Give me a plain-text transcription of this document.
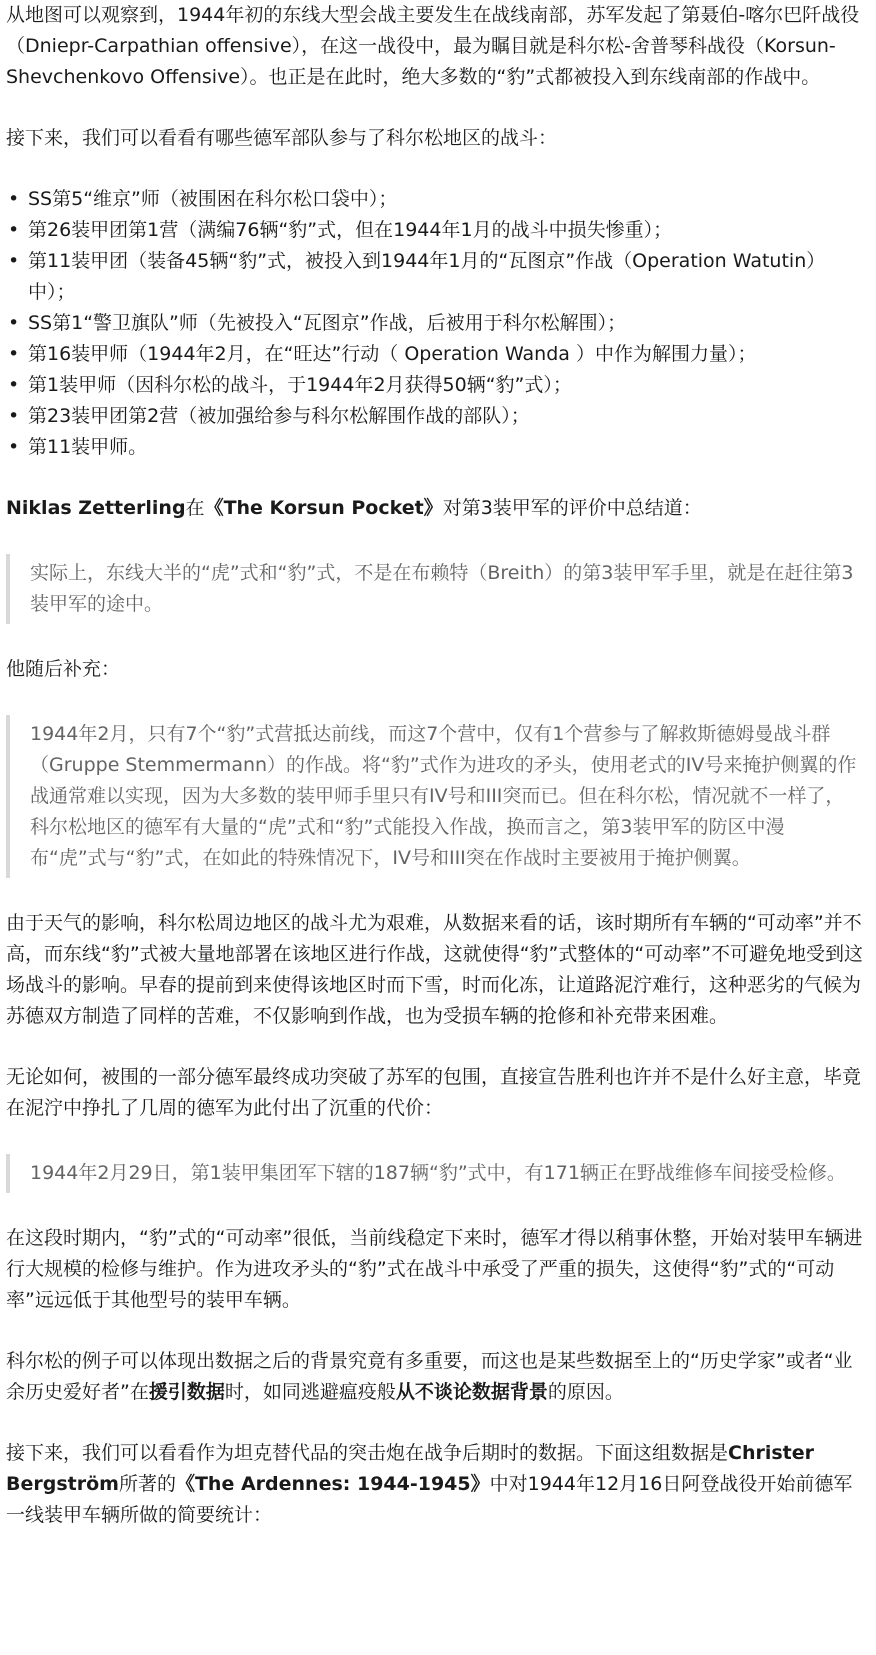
从地图可以观察到，1944年初的东线大型会战主要发生在战线南部，苏军发起了第聂伯-喀尔巴阡战役（Dniepr-Carpathian offensive），在这一战役中，最为瞩目就是科尔松-舍普琴科战役（Korsun-Shevchenkovo Offensive）。也正是在此时，绝大多数的“豹”式都被投入到东线南部的作战中。

接下来，我们可以看看有哪些德军部队参与了科尔松地区的战斗：

• SS第5“维京”师（被围困在科尔松口袋中）；
• 第26装甲团第1营（满编76辆“豹”式，但在1944年1月的战斗中损失惨重）；
• 第11装甲团（装备45辆“豹”式，被投入到1944年1月的“瓦图京”作战（Operation Watutin）中）；
• SS第1“警卫旗队”师（先被投入“瓦图京”作战，后被用于科尔松解围）；
• 第16装甲师（1944年2月，在“旺达”行动（ Operation Wanda ）中作为解围力量）；
• 第1装甲师（因科尔松的战斗，于1944年2月获得50辆“豹”式）；
• 第23装甲团第2营（被加强给参与科尔松解围作战的部队）；
• 第11装甲师。

Niklas Zetterling在《The Korsun Pocket》对第3装甲军的评价中总结道：

实际上，东线大半的“虎”式和“豹”式，不是在布赖特（Breith）的第3装甲军手里，就是在赶往第3装甲军的途中。

他随后补充：

1944年2月，只有7个“豹”式营抵达前线，而这7个营中，仅有1个营参与了解救斯德姆曼战斗群（Gruppe Stemmermann）的作战。将“豹”式作为进攻的矛头，使用老式的IV号来掩护侧翼的作战通常难以实现，因为大多数的装甲师手里只有IV号和III突而已。但在科尔松，情况就不一样了，科尔松地区的德军有大量的“虎”式和“豹”式能投入作战，换而言之，第3装甲军的防区中漫布“虎”式与“豹”式，在如此的特殊情况下，IV号和III突在作战时主要被用于掩护侧翼。

由于天气的影响，科尔松周边地区的战斗尤为艰难，从数据来看的话，该时期所有车辆的“可动率”并不高，而东线“豹”式被大量地部署在该地区进行作战，这就使得“豹”式整体的“可动率”不可避免地受到这场战斗的影响。早春的提前到来使得该地区时而下雪，时而化冻，让道路泥泞难行，这种恶劣的气候为苏德双方制造了同样的苦难，不仅影响到作战，也为受损车辆的抢修和补充带来困难。

无论如何，被围的一部分德军最终成功突破了苏军的包围，直接宣告胜利也许并不是什么好主意，毕竟在泥泞中挣扎了几周的德军为此付出了沉重的代价：

1944年2月29日，第1装甲集团军下辖的187辆“豹”式中，有171辆正在野战维修车间接受检修。

在这段时期内，“豹”式的“可动率”很低，当前线稳定下来时，德军才得以稍事休整，开始对装甲车辆进行大规模的检修与维护。作为进攻矛头的“豹”式在战斗中承受了严重的损失，这使得“豹”式的“可动率”远远低于其他型号的装甲车辆。

科尔松的例子可以体现出数据之后的背景究竟有多重要，而这也是某些数据至上的“历史学家”或者“业余历史爱好者”在援引数据时，如同逃避瘟疫般从不谈论数据背景的原因。

接下来，我们可以看看作为坦克替代品的突击炮在战争后期时的数据。下面这组数据是Christer Bergström所著的《The Ardennes: 1944-1945》中对1944年12月16日阿登战役开始前德军一线装甲车辆所做的简要统计：
